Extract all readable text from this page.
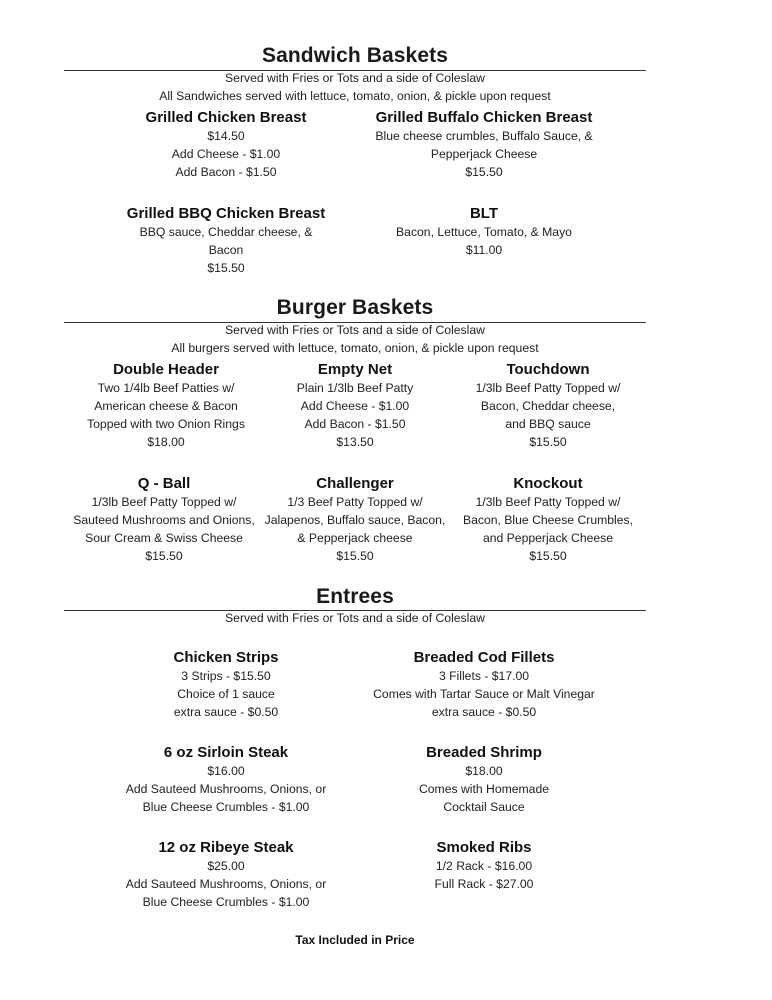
Sandwich Baskets
Served with Fries or Tots and a side of Coleslaw
All Sandwiches served with lettuce, tomato, onion, & pickle upon request
Grilled Chicken Breast
$14.50
Add Cheese - $1.00
Add Bacon - $1.50
Grilled Buffalo Chicken Breast
Blue cheese crumbles, Buffalo Sauce, &
Pepperjack Cheese
$15.50
Grilled BBQ Chicken Breast
BBQ sauce, Cheddar cheese, &
Bacon
$15.50
BLT
Bacon, Lettuce, Tomato, & Mayo
$11.00
Burger Baskets
Served with Fries or Tots and a side of Coleslaw
All burgers served with lettuce, tomato, onion, & pickle upon request
Double Header
Two 1/4lb Beef Patties w/
American cheese & Bacon
Topped with two Onion Rings
$18.00
Empty Net
Plain 1/3lb Beef Patty
Add Cheese - $1.00
Add Bacon - $1.50
$13.50
Touchdown
1/3lb Beef Patty Topped w/
Bacon, Cheddar cheese,
and BBQ sauce
$15.50
Q - Ball
1/3lb Beef Patty Topped w/
Sauteed Mushrooms and Onions,
Sour Cream & Swiss Cheese
$15.50
Challenger
1/3 Beef Patty Topped w/
Jalapenos, Buffalo sauce, Bacon,
& Pepperjack cheese
$15.50
Knockout
1/3lb Beef Patty Topped w/
Bacon, Blue Cheese Crumbles,
and Pepperjack Cheese
$15.50
Entrees
Served with Fries or Tots and a side of Coleslaw
Chicken Strips
3 Strips - $15.50
Choice of 1 sauce
extra sauce - $0.50
Breaded Cod Fillets
3 Fillets - $17.00
Comes with Tartar Sauce or Malt Vinegar
extra sauce - $0.50
6 oz Sirloin Steak
$16.00
Add Sauteed Mushrooms, Onions, or
Blue Cheese Crumbles - $1.00
Breaded Shrimp
$18.00
Comes with Homemade
Cocktail Sauce
12 oz Ribeye Steak
$25.00
Add Sauteed Mushrooms, Onions, or
Blue Cheese Crumbles - $1.00
Smoked Ribs
1/2 Rack - $16.00
Full Rack - $27.00
Tax Included in Price
